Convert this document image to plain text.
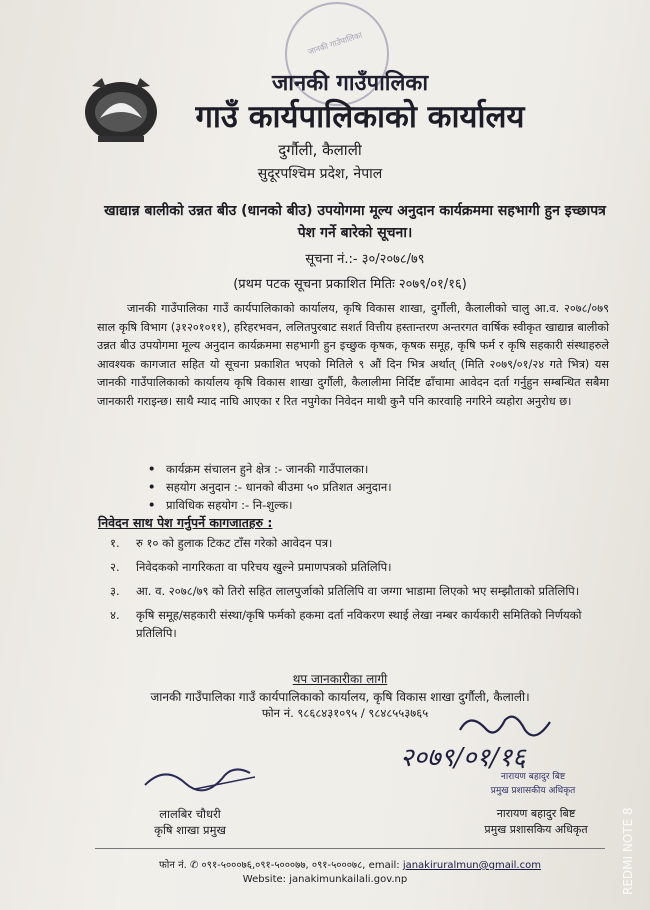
जानकी गाउँपालिका
जानकी गाउँपालिका
गाउँ कार्यपालिकाको कार्यालय
दुर्गौली, कैलाली
सुदूरपश्चिम प्रदेश, नेपाल
खाद्यान्न बालीको उन्नत बीउ (धानको बीउ) उपयोगमा मूल्य अनुदान कार्यक्रममा सहभागी हुन इच्छापत्र पेश गर्ने बारेको सूचना।
सूचना नं.:- ३०/२०७८/७९
(प्रथम पटक सूचना प्रकाशित मितिः २०७९/०१/१६)
जानकी गाउँपालिका गाउँ कार्यपालिकाको कार्यालय, कृषि विकास शाखा, दुर्गौली, कैलालीको चालु आ.व. २०७८/०७९ साल कृषि विभाग (३१२०१०११), हरिहरभवन, ललितपुरबाट सशर्त वित्तीय हस्तान्तरण अन्तरगत वार्षिक स्वीकृत खाद्यान्न बालीको उन्नत बीउ उपयोगमा मूल्य अनुदान कार्यक्रममा सहभागी हुन इच्छुक कृषक, कृषक समूह, कृषि फर्म र कृषि सहकारी संस्थाहरुले आवश्यक कागजात सहित यो सूचना प्रकाशित भएको मितिले ९ औं दिन भित्र अर्थात् (मिति २०७९/०१/२४ गते भित्र) यस जानकी गाउँपालिकाको कार्यालय कृषि विकास शाखा दुर्गौली, कैलालीमा निर्दिष्ट ढाँचामा आवेदन दर्ता गर्नुहुन सम्बन्धित सबैमा जानकारी गराइन्छ। साथै म्याद नाघि आएका र रित नपुगेका निवेदन माथी कुनै पनि कारवाहि नगरिने व्यहोरा अनुरोध छ।
• कार्यक्रम संचालन हुने क्षेत्र :- जानकी गाउँपालका।
• सहयोग अनुदान :- धानको बीउमा ५० प्रतिशत अनुदान।
• प्राविधिक सहयोग :- नि-शुल्क।
निवेदन साथ पेश गर्नुपर्ने कागजातहरु :
१.	रु १० को हुलाक टिकट टाँस गरेको आवेदन पत्र।
२.	निवेदकको नागरिकता वा परिचय खुल्ने प्रमाणपत्रको प्रतिलिपि।
३.	आ. व. २०७८/७९ को तिरो सहित लालपुर्जाको प्रतिलिपि वा जग्गा भाडामा लिएको भए सम्झौताको प्रतिलिपि।
४.	कृषि समूह/सहकारी संस्था/कृषि फर्मको हकमा दर्ता नविकरण स्थाई लेखा नम्बर कार्यकारी समितिको निर्णयको प्रतिलिपि।
थप जानकारीका लागी
जानकी गाउँपालिका गाउँ कार्यपालिकाको कार्यालय, कृषि विकास शाखा दुर्गौली, कैलाली।
फोन नं. ९८६८४३१०९५ / ९८४८५५३७६५
२०७९/०१/१६
नारायण बहादुर बिष्ट
प्रमुख प्रशासकीय अधिकृत
लालबिर चौधरी
कृषि शाखा प्रमुख
नारायण बहादुर बिष्ट
प्रमुख प्रशासकिय अधिकृत
फोन नं. ✆ ०९१-५०००७६,०९१-५०००७७, ०९१-५०००७८, email: janakiruralmun@gmail.com
Website: janakimunkailali.gov.np	REDMI NOTE 8
